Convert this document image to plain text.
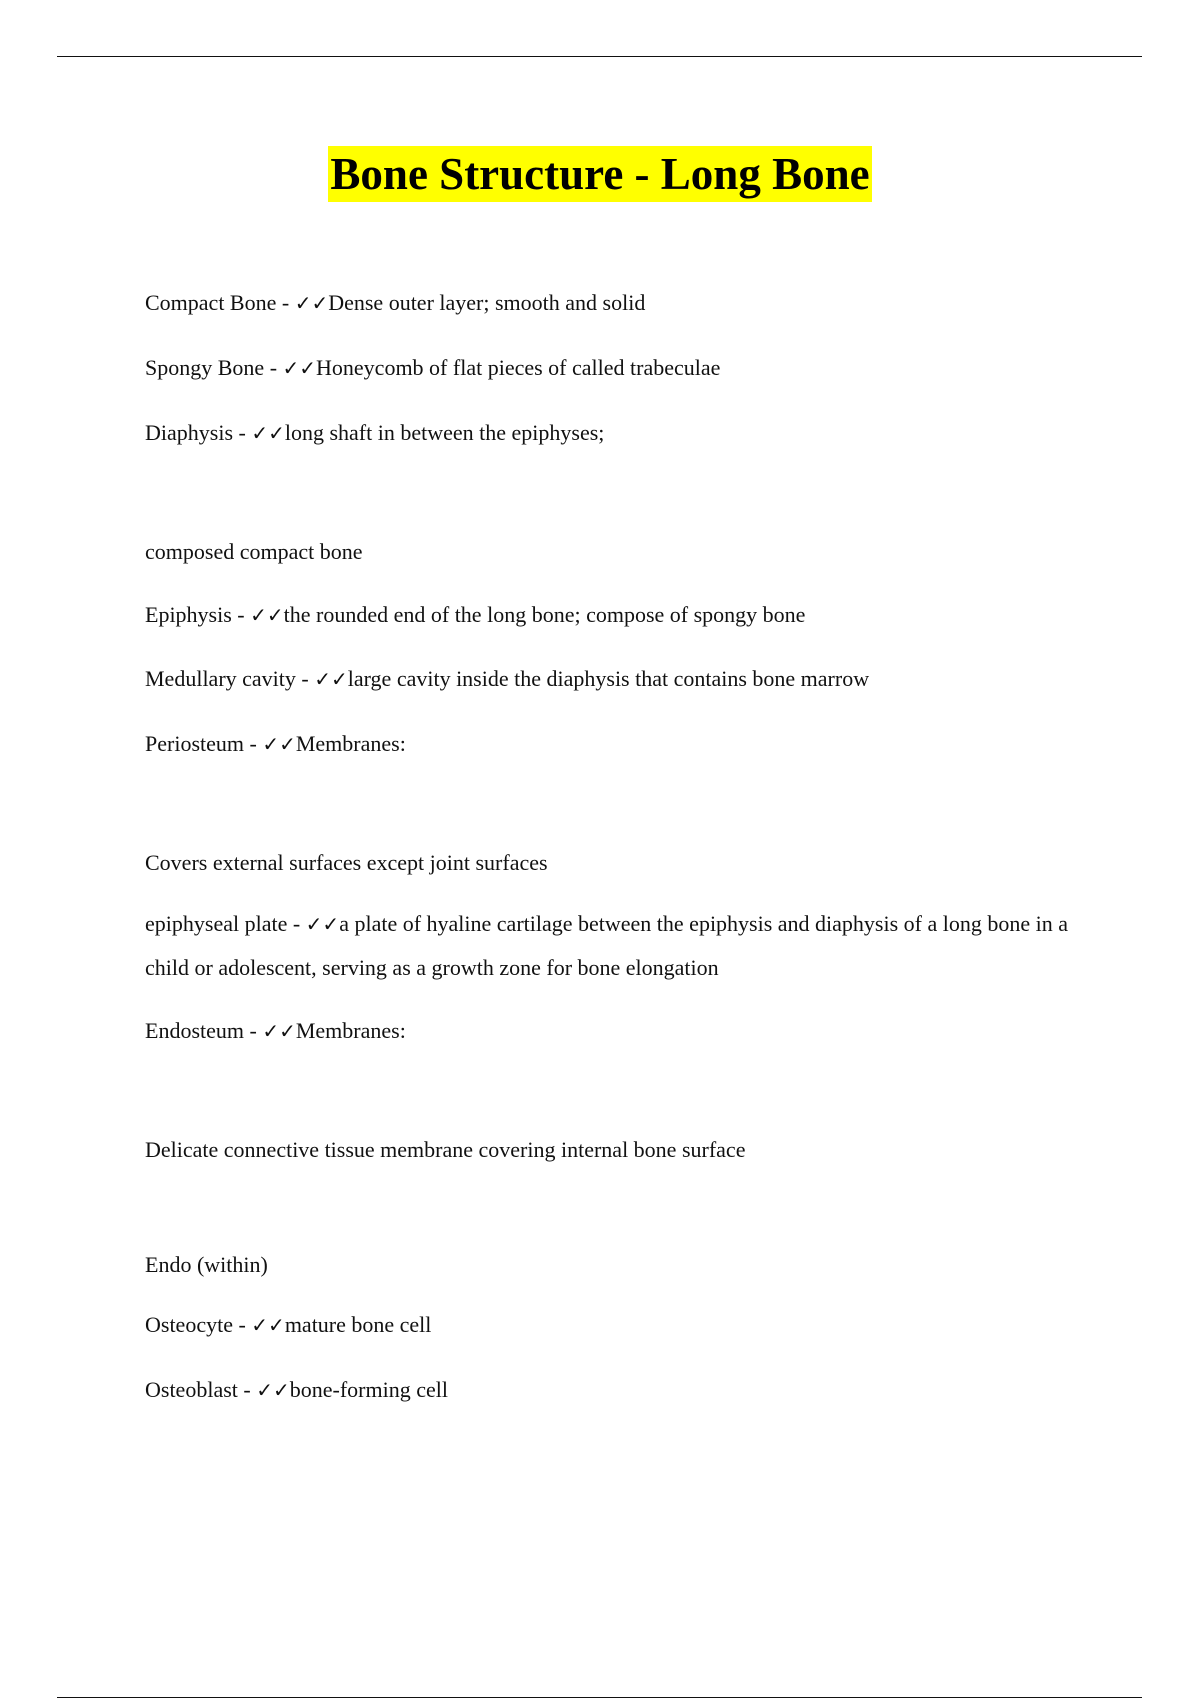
Bone Structure - Long Bone
Compact Bone - ✓✓Dense outer layer; smooth and solid
Spongy Bone - ✓✓Honeycomb of flat pieces of called trabeculae
Diaphysis - ✓✓long shaft in between the epiphyses;
composed compact bone
Epiphysis - ✓✓the rounded end of the long bone; compose of spongy bone
Medullary cavity - ✓✓large cavity inside the diaphysis that contains bone marrow
Periosteum - ✓✓Membranes:
Covers external surfaces except joint surfaces
epiphyseal plate - ✓✓a plate of hyaline cartilage between the epiphysis and diaphysis of a long bone in a child or adolescent, serving as a growth zone for bone elongation
Endosteum - ✓✓Membranes:
Delicate connective tissue membrane covering internal bone surface
Endo (within)
Osteocyte - ✓✓mature bone cell
Osteoblast - ✓✓bone-forming cell
